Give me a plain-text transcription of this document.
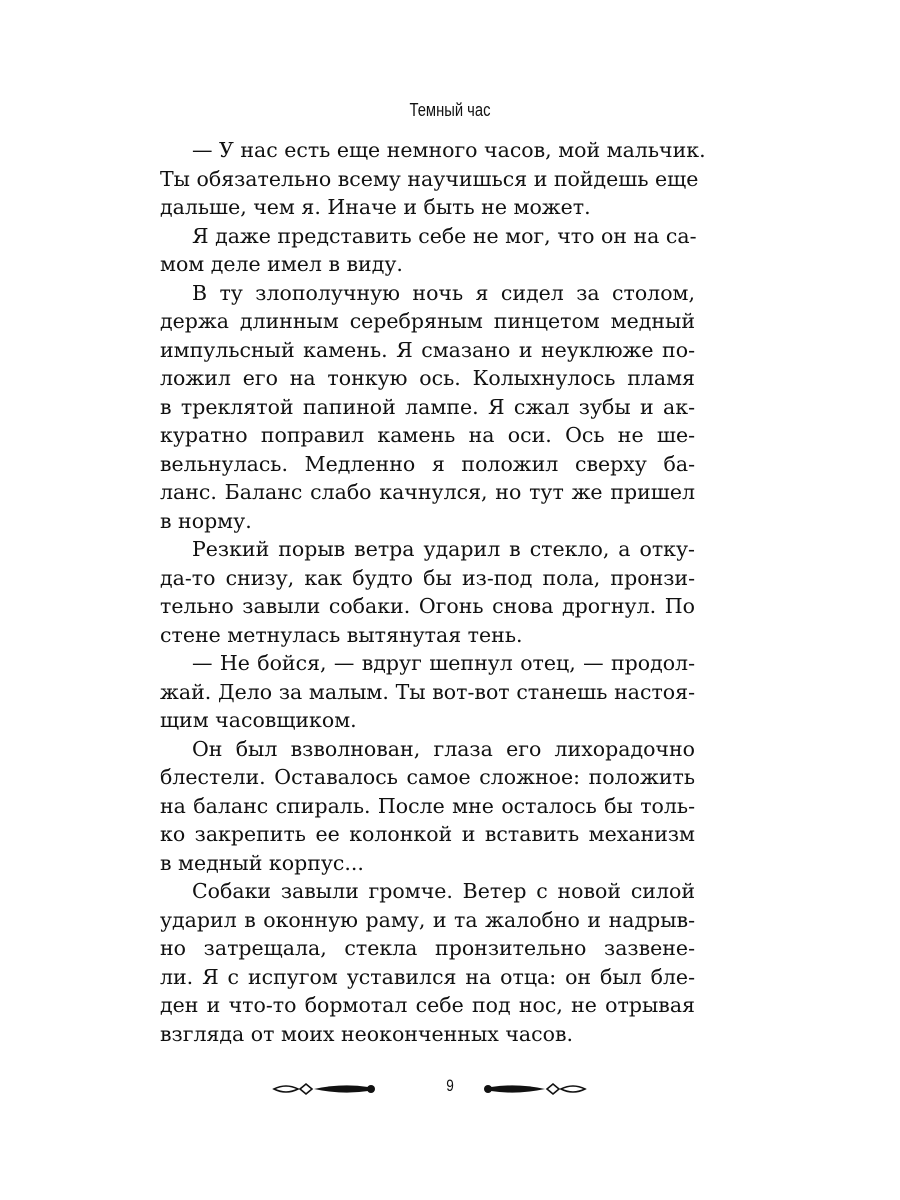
Темный час
— У нас есть еще немного часов, мой мальчик.
Ты обязательно всему научишься и пойдешь еще
дальше, чем я. Иначе и быть не может.
Я даже представить себе не мог, что он на са-
мом деле имел в виду.
В ту злополучную ночь я сидел за столом,
держа длинным серебряным пинцетом медный
импульсный камень. Я смазано и неуклюже по-
ложил его на тонкую ось. Колыхнулось пламя
в треклятой папиной лампе. Я сжал зубы и ак-
куратно поправил камень на оси. Ось не ше-
вельнулась. Медленно я положил сверху ба-
ланс. Баланс слабо качнулся, но тут же пришел
в норму.
Резкий порыв ветра ударил в стекло, а отку-
да-то снизу, как будто бы из-под пола, пронзи-
тельно завыли собаки. Огонь снова дрогнул. По
стене метнулась вытянутая тень.
— Не бойся, — вдруг шепнул отец, — продол-
жай. Дело за малым. Ты вот-вот станешь настоя-
щим часовщиком.
Он был взволнован, глаза его лихорадочно
блестели. Оставалось самое сложное: положить
на баланс спираль. После мне осталось бы толь-
ко закрепить ее колонкой и вставить механизм
в медный корпус...
Собаки завыли громче. Ветер с новой силой
ударил в оконную раму, и та жалобно и надрыв-
но затрещала, стекла пронзительно зазвене-
ли. Я с испугом уставился на отца: он был бле-
ден и что-то бормотал себе под нос, не отрывая
взгляда от моих неоконченных часов.
9
